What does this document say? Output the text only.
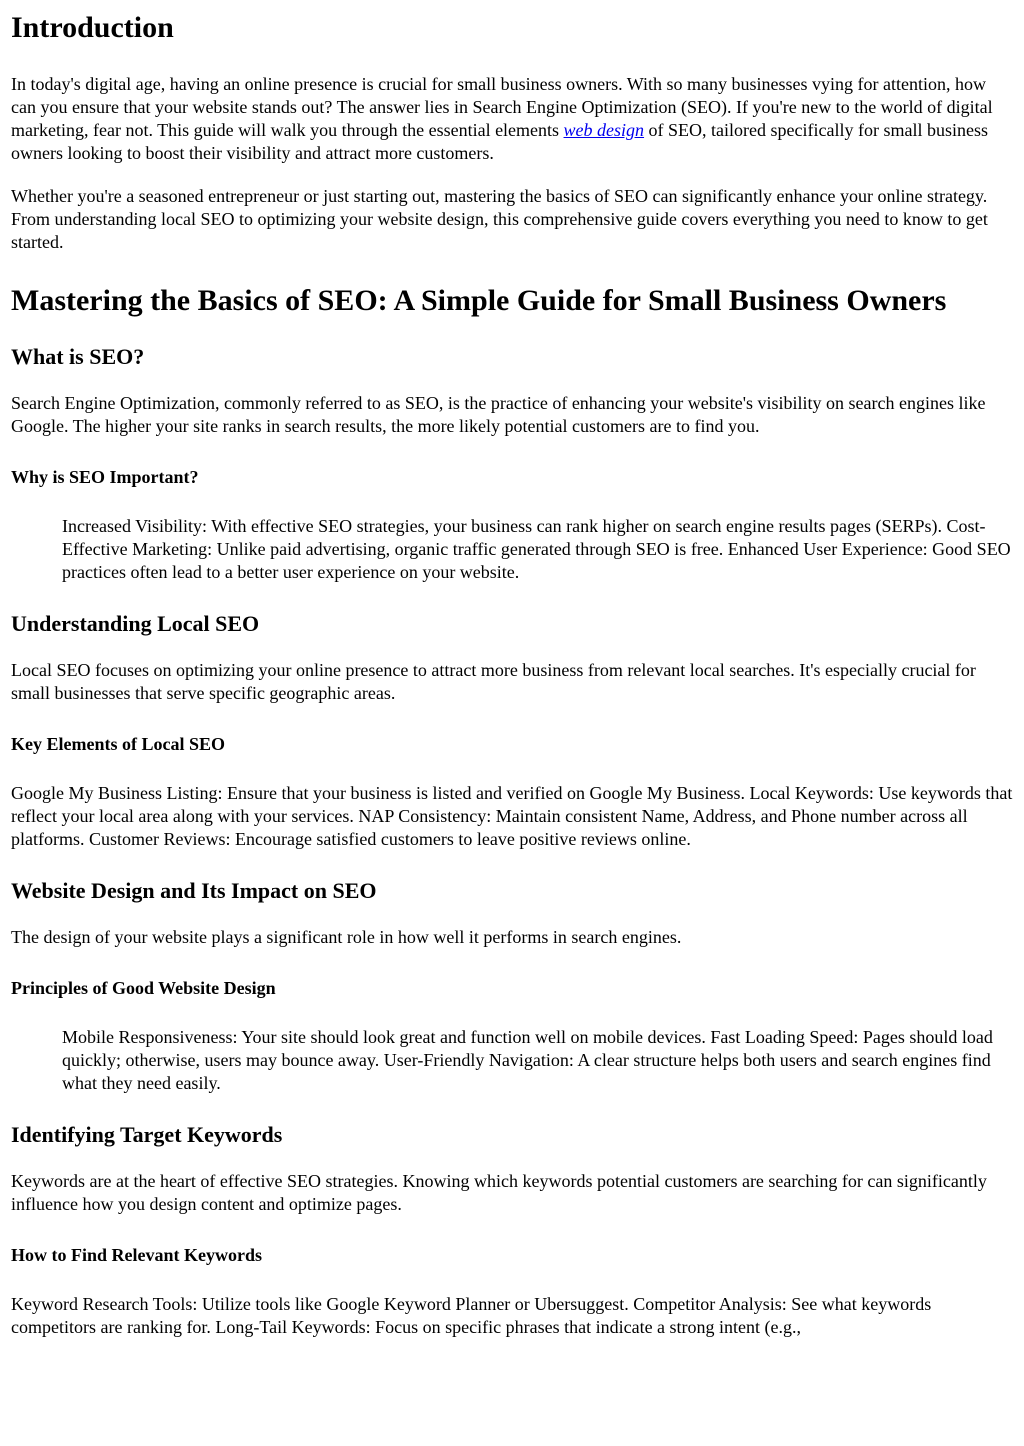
Introduction

In today's digital age, having an online presence is crucial for small business owners. With so many businesses vying for attention, how can you ensure that your website stands out? The answer lies in Search Engine Optimization (SEO). If you're new to the world of digital marketing, fear not. This guide will walk you through the essential elements web design of SEO, tailored specifically for small business owners looking to boost their visibility and attract more customers.

Whether you're a seasoned entrepreneur or just starting out, mastering the basics of SEO can significantly enhance your online strategy. From understanding local SEO to optimizing your website design, this comprehensive guide covers everything you need to know to get started.

Mastering the Basics of SEO: A Simple Guide for Small Business Owners
What is SEO?

Search Engine Optimization, commonly referred to as SEO, is the practice of enhancing your website's visibility on search engines like Google. The higher your site ranks in search results, the more likely potential customers are to find you.

Why is SEO Important?

Increased Visibility: With effective SEO strategies, your business can rank higher on search engine results pages (SERPs). Cost-Effective Marketing: Unlike paid advertising, organic traffic generated through SEO is free. Enhanced User Experience: Good SEO practices often lead to a better user experience on your website.

Understanding Local SEO

Local SEO focuses on optimizing your online presence to attract more business from relevant local searches. It's especially crucial for small businesses that serve specific geographic areas.

Key Elements of Local SEO

Google My Business Listing: Ensure that your business is listed and verified on Google My Business. Local Keywords: Use keywords that reflect your local area along with your services. NAP Consistency: Maintain consistent Name, Address, and Phone number across all platforms. Customer Reviews: Encourage satisfied customers to leave positive reviews online.

Website Design and Its Impact on SEO

The design of your website plays a significant role in how well it performs in search engines.

Principles of Good Website Design

Mobile Responsiveness: Your site should look great and function well on mobile devices. Fast Loading Speed: Pages should load quickly; otherwise, users may bounce away. User-Friendly Navigation: A clear structure helps both users and search engines find what they need easily.

Identifying Target Keywords

Keywords are at the heart of effective SEO strategies. Knowing which keywords potential customers are searching for can significantly influence how you design content and optimize pages.

How to Find Relevant Keywords

Keyword Research Tools: Utilize tools like Google Keyword Planner or Ubersuggest. Competitor Analysis: See what keywords competitors are ranking for. Long-Tail Keywords: Focus on specific phrases that indicate a strong intent (e.g.,
